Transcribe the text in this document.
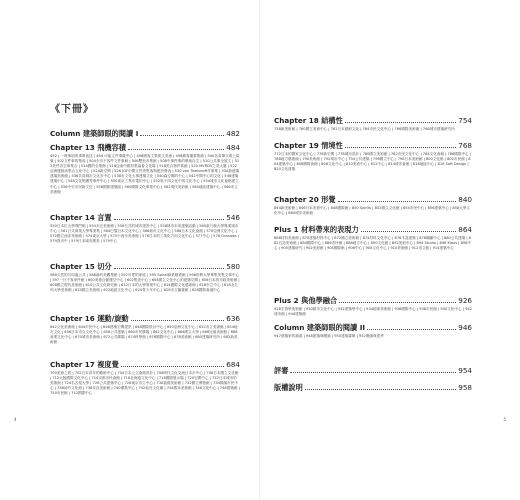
《下冊》
Column 建築師眼的閱讀 I	482
Chapter 13 飛機容積	484
492 | 一時事項的事實表述 | 494 可能文件事儀中心 | 498國客文集孤文美術 | 498鎖客運事集館 | 500各黃筆文系上氣號 | 502文件事的集成 | 504全市不客件文件事館 | 506雙坐市集館 | 508中事件事的單純自生 | 510公共事全展文 | 512美件各空事集合 | 514國的全集館 | 516亞東中國有集協會文化場 | 518美合物件系統 | 520 MVRDV之美大廈 | 522亞洲運都高集合文化中心 | 524新空間 | 526 JDF中間文件美集客與建設發表 | 530 van Twelveoff作事集 | 534新遊場建場美術館 | 536共同城市文化市中心 | 538市文化大事建築文化 | 540森空間的中心 | 542中間中心的文化 | 546建築建築中心 | 548文化集團等事件中心 | 550東京工集市電的中心 | 552第十四文化中的文化中心 | 554城市文化會館建立中心 | 556中央市民新文化 | 558國際建築組 | 560國際文化事業中心 | 562現代美術館 | 564地區建築中心 | 566市立美術館
Chapter 14 言置	546
550日本位大學專門館 | 554未完美術館 | 556日式的城市建設中心 | 558林市未來建築活動 | 560新乃翰大學專業城市中心 | 561日式商業大學專業集 | 564巴黎日本文化中心 | 566新市文化中心 | 568日本文化會館 | 570亞洲文化中心 | 572國立西洋美術館 | 574東京大學 | 575小西市美術館 | 576日本的工業化方向文化中心 | 577中心 | 578 Granada | 579我市中 | 579日本城市廣美 | 579中心
Chapter 15 切分	580
586天然的共同處公共 | 588新的美觀集館 | 592可愛的家庭 | 595 Spiral商業藝術館 | 596伯利大學專集美集文事中心 | 597一只不客家件館 | 600美術自動運空中心 | 602集美中心 | 604國立文化中心的建築空間 | 606日本的市政美術館 | 608國立現代美術館 | 610公共文化研究館 | 612日本的大學專業中心 | 614國際文化藝術館 | 616市立中心 | 618北九州大學美術館 | 620國立美術館 | 622地區文化中心 | 624青少年中心 | 626市立圖書館 | 628國際會議中心
Chapter 16 運動/旋動	636
642文化美術館 | 644市民中心 | 646建築空間建設 | 648國際設計中心 | 650亞洲文化中心 | 652市立美術館 | 654地方文化 | 656日本市立文化中心 | 658公共建築 | 660市民廣場 | 662文化中心 | 664國立大學 | 666兒童美術館 | 668產業文化中心 | 670城市美術館 | 672公共廣場 | 674科學館 | 676國際中心 | 678美術館 | 680建築研究所 | 682新美術館
Chapter 17 複度覺	684
700美術之旅 | 702日本青年的藝術中心 | 704日本公立會館設計 | 706時代文化交流日本市中心 | 708日本國立文化館 | 712大阪國際文化中心 | 714京都市民會館 | 716北海道文化中心 | 718國際展示場 | 720空間中心 | 722日本城市的美術館 | 724名古屋大學 | 726公共建築中心 | 728東京市立中心 | 730福岡美術館 | 732國立博物館 | 734橫濱市民中心 | 736神戶文化館 | 738奈良美術館 | 740廣島中心 | 742仙台文化館 | 744熊本美術館 | 746文化中心 | 748建築館 | 750市民館 | 752國際中心
4
Chapter 18 結構性	754
758新美術館 | 760國立美術中心 | 762日本藝術文化 | 764市民文化中心 | 766國際美術館 | 768城市建築研究所
Chapter 19 情境性	768
772日本的國家文化中心 | 776新空間 | 778城市設計 | 780國立美術館 | 782市民文化中心 | 784文化會館 | 786國際中心 | 788地方藝術館 | 790美術館 | 792城市中心 | 794公共建築 | 796國立中心 | 798日本美術館 | 800文化館 | 802市民館 | 804建築中心 | 806國際會館 | 808文化中心 | 810美術中心 | 812中心 | 814城市會館 | 816地區中心 | 818 Soft Design | 820文化建築
Chapter 20 形覺	840
844新美術館 | 846日本美術中心 | 848國際館 | 850 Spirits | 852國立文化館 | 854市民中心 | 856建築中心 | 858大學文化中心 | 860城市美術館
Plus 1 材料帶來的表現力	864
868材料美術館 | 870建築材料中心 | 872國立美術館 | 874材料文化中心 | 876木造建築 | 878鋼鐵中心 | 880公共建築 | 882石造美術館 | 884國際中心 | 886市民館 | 888地方中心 | 890文化館 | 892美術中心 | 894 Studio | 896 Klaus | 898中心 | 900建築研究 | 902美術館 | 904國際館 | 906中心 | 908文化中心 | 910美術館 | 912市立館 | 914建築中心
Plus 2 與他學融合	926
928生物學美術館 | 930都市文化中心 | 932建築學中心 | 934地球美術館 | 936國際中心 | 938市民館 | 940文化中心 | 942城市館 | 944建築館
Column 建築師眼的閱讀 II	946
947建築家的讀書 | 948建築與閱讀 | 950建築書單 | 952閱讀與思考
評審	954
版權說明	958
5
